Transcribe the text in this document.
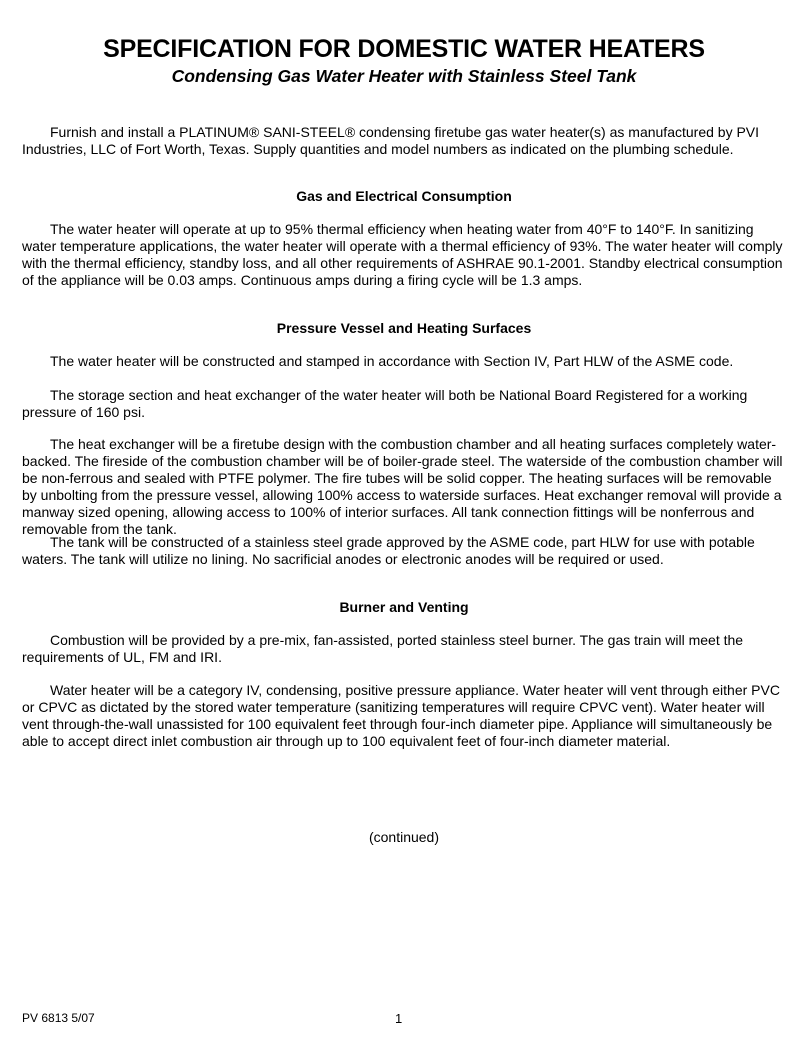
SPECIFICATION FOR DOMESTIC WATER HEATERS
Condensing Gas Water Heater with Stainless Steel Tank

Furnish and install a PLATINUM® SANI-STEEL® condensing firetube gas water heater(s) as manufactured by PVI Industries, LLC of Fort Worth, Texas. Supply quantities and model numbers as indicated on the plumbing schedule.

Gas and Electrical Consumption

The water heater will operate at up to 95% thermal efficiency when heating water from 40°F to 140°F. In sanitizing water temperature applications, the water heater will operate with a thermal efficiency of 93%. The water heater will comply with the thermal efficiency, standby loss, and all other requirements of ASHRAE 90.1-2001. Standby electrical consumption of the appliance will be 0.03 amps. Continuous amps during a firing cycle will be 1.3 amps.

Pressure Vessel and Heating Surfaces

The water heater will be constructed and stamped in accordance with Section IV, Part HLW of the ASME code.

The storage section and heat exchanger of the water heater will both be National Board Registered for a working pressure of 160 psi.

The heat exchanger will be a firetube design with the combustion chamber and all heating surfaces completely water-backed. The fireside of the combustion chamber will be of boiler-grade steel. The waterside of the combustion chamber will be non-ferrous and sealed with PTFE polymer. The fire tubes will be solid copper. The heating surfaces will be removable by unbolting from the pressure vessel, allowing 100% access to waterside surfaces. Heat exchanger removal will provide a manway sized opening, allowing access to 100% of interior surfaces. All tank connection fittings will be nonferrous and removable from the tank.

The tank will be constructed of a stainless steel grade approved by the ASME code, part HLW for use with potable waters. The tank will utilize no lining. No sacrificial anodes or electronic anodes will be required or used.

Burner and Venting

Combustion will be provided by a pre-mix, fan-assisted, ported stainless steel burner. The gas train will meet the requirements of UL, FM and IRI.

Water heater will be a category IV, condensing, positive pressure appliance. Water heater will vent through either PVC or CPVC as dictated by the stored water temperature (sanitizing temperatures will require CPVC vent). Water heater will vent through-the-wall unassisted for 100 equivalent feet through four-inch diameter pipe. Appliance will simultaneously be able to accept direct inlet combustion air through up to 100 equivalent feet of four-inch diameter material.

(continued)
PV 6813 5/07	1
